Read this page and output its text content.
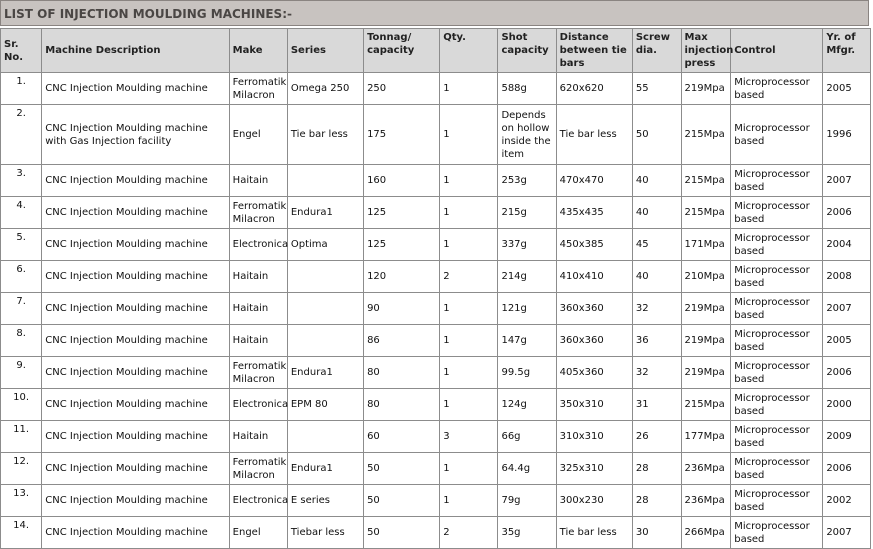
LIST OF INJECTION MOULDING MACHINES:-
Sr. No.	Machine Description	Make	Series	Tonnag/ capacity	Qty.	Shot capacity	Distance between tie bars	Screw dia.	Max injection press	Control	Yr. of Mfgr.
1.	CNC Injection Moulding machine	Ferromatik Milacron	Omega 250	250	1	588g	620x620	55	219Mpa	Microprocessor based	2005
2.	CNC Injection Moulding machine with Gas Injection facility	Engel	Tie bar less	175	1	Depends on hollow inside the item	Tie bar less	50	215Mpa	Microprocessor based	1996
3.	CNC Injection Moulding machine	Haitain		160	1	253g	470x470	40	215Mpa	Microprocessor based	2007
4.	CNC Injection Moulding machine	Ferromatik Milacron	Endura1	125	1	215g	435x435	40	215Mpa	Microprocessor based	2006
5.	CNC Injection Moulding machine	Electronica	Optima	125	1	337g	450x385	45	171Mpa	Microprocessor based	2004
6.	CNC Injection Moulding machine	Haitain		120	2	214g	410x410	40	210Mpa	Microprocessor based	2008
7.	CNC Injection Moulding machine	Haitain		90	1	121g	360x360	32	219Mpa	Microprocessor based	2007
8.	CNC Injection Moulding machine	Haitain		86	1	147g	360x360	36	219Mpa	Microprocessor based	2005
9.	CNC Injection Moulding machine	Ferromatik Milacron	Endura1	80	1	99.5g	405x360	32	219Mpa	Microprocessor based	2006
10.	CNC Injection Moulding machine	Electronica	EPM 80	80	1	124g	350x310	31	215Mpa	Microprocessor based	2000
11.	CNC Injection Moulding machine	Haitain		60	3	66g	310x310	26	177Mpa	Microprocessor based	2009
12.	CNC Injection Moulding machine	Ferromatik Milacron	Endura1	50	1	64.4g	325x310	28	236Mpa	Microprocessor based	2006
13.	CNC Injection Moulding machine	Electronica	E series	50	1	79g	300x230	28	236Mpa	Microprocessor based	2002
14.	CNC Injection Moulding machine	Engel	Tiebar less	50	2	35g	Tie bar less	30	266Mpa	Microprocessor based	2007
